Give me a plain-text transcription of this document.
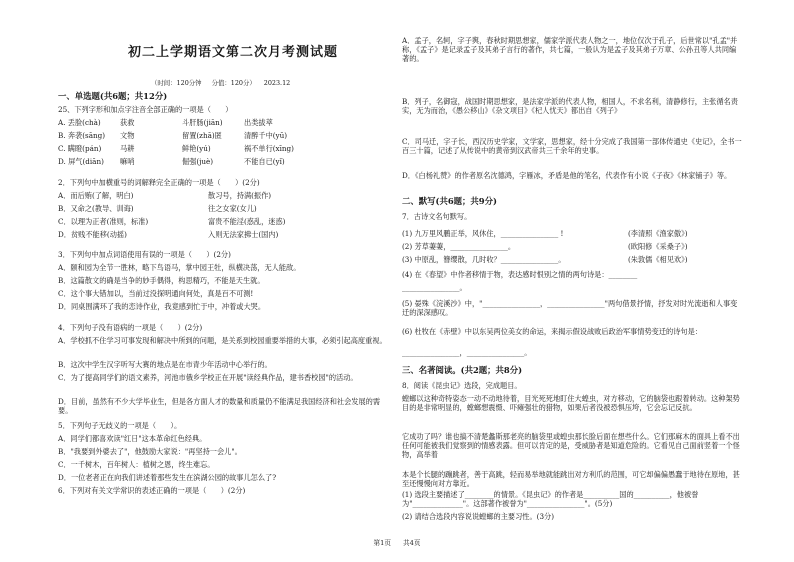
初二上学期语文第二次月考测试题
（时间：120分钟 分值：120分） 2023.12
一、单选题(共6题；共12分)
25、下列字形和加点字注音全部正确的一项是（　　）
A. 丢脸(chà)	获救	斗肝肠(jiān)	出类拔萃
B. 奔袭(sāng) 文物	留置(zhā)匿	清醉千中(yū)
C. 瞒瞪(pán)	马耕	鲜艳(yú)	祸不单行(xīng)
D. 屏气(diān) 嘛哨	倔强(juè)	不能自已(yǐ)
2．下列句中加横重号的词解释完全正确的一项是（　　）(2分)
A．而后贿(了解，明白)	散习号，持满(振作)
B．又命之(教导、训诲)	往之女家(女儿)
C．以理为正者(准则，标准)	富贵不能淫(惑乱，迷惑)
D．贫贱不能移(动摇)	入则无法家拂士(国内)
3．下列句中加点词语使用有误的一项是（　　）(2分)
A．颐和园为全节一胜林，略下鸟语马，掌中园王牡，纵横决荡，无人能敌。
B．这篇散文的确是当争的妙手偶得，构思精巧，不能是天生就。
C．这个事大错加以，当前过没探明通向何处，真是百不可测!
D．同桌围满环了我的恋诗作业，我竟感到忙于中，冲着或大哭。
4．下列句子没有语病的一项是（　　）(2分)
A．学校抓不住学习可事发现和解决中所到的问题，是关系到校园重要举措的大事，必须引起高度重视。
B．这次中学生汉字听写大赛的地点是在市青少年活动中心举行的。
C．为了提高同学们的语文素养，河池市俄乡学校正在开展"读经典作品，建书香校园"的活动。
D．目前，虽然有不少大学毕业生，但是各方面人才的数量和质量仍不能满足我国经济和社会发展的需要。
5．下列句子无歧义的一项是（　　）。
A．同学们都喜欢读"红日"这本革命红色经典。
B．"我要到外婆去了"，他鼓励大家说："再坚持一会儿"。
C．一千树木，百年树人：植树之恩，终生难忘。
D．一位老者正在向我们讲述着那些发生在滨湖公园的故事儿怎么了?
6．下列对有关文学常识的表述正确的一项是（　　）(2分)
A．孟子，名轲，字子舆，春秋时期思想家，儒家学派代表人物之一，地位仅次于孔子，后世常以"孔孟"并称，《孟子》是记录孟子及其弟子言行的著作，共七篇，一般认为是孟子及其弟子万章、公孙丑等人共同编著的。
B．列子，名御寇，战国时期思想家，是法家学派的代表人物，相国人，不求名利，清静修行，主张循名责实，无为而治，《愚公移山》《杂文项目》《杞人忧天》都出自《列子》
C．司马迁，字子长，西汉历史学家，文学家，思想家，经十分完成了我国第一部体传通史《史记》，全书一百三十篇，记述了从传说中的黄帝到汉武帝共三千余年的史事。
D．《白杨礼赞》的作者原名沈德鸿，字雁冰，矛盾是他的笔名，代表作有小说《子夜》《林家铺子》等。
二、默写(共6题；共9分)
7．古诗文名句默写。
(1) 九万里风鹏正举，风休住，________________ !	(李清照《渔家傲》)
(2) 芳草萋萋，________________。	(欧阳修《采桑子》)
(3) 中原乱，簪缨散，几时收？________________。	(朱敦儒《相见欢》)
(4) 在《春望》中作者移情于物，表达感时恨别之情的两句诗是：________
________________。
(5) 晏殊《浣溪沙》中，"________________，________________"两句借景抒情，抒发对时光流逝和人事变迁的深深感叹。
(6) 杜牧在《赤壁》中以东吴两位美女的命运，来揭示假设战败后政治军事情势变迁的诗句是：
________________，________________。
三、名著阅读。(共2题；共8分)
8．阅读《昆虫记》选段，完成题目。
螳螂以这种奇特姿态一动不动地待着，目光死死地盯住大蝗虫，对方移动，它的脑袋也跟着转动。这种架势目的是非常明显的，螳螂想震慑、吓瘫强壮的猎物，如果后者没被恐惧压垮，它会忘记反抗。
它成功了吗？谁也搞不清楚蠡斯那老亮的脑袋里或蝗虫那长脸后面在想些什么。它们那麻木的面具上看不出任何可能被我们觉察到的情感表露。但可以肯定的是，受威胁者是知道危险的。它看见自己面前竖着一个怪物，高举着
本是个长腿的蹦跳者，善于高跳，轻而易举地就能跳出对方利爪的范围，可它却偏偏愚蠢于地待在原地，甚至还慢慢向对方靠近。
(1) 选段主要描述了________的情景。《昆虫记》的作者是__________国的__________，他被誉为"______________"。这部著作被誉为"________________"。(5分)
(2) 请结合选段内容说说螳螂的主要习性。(3分)
第1页 共4页
